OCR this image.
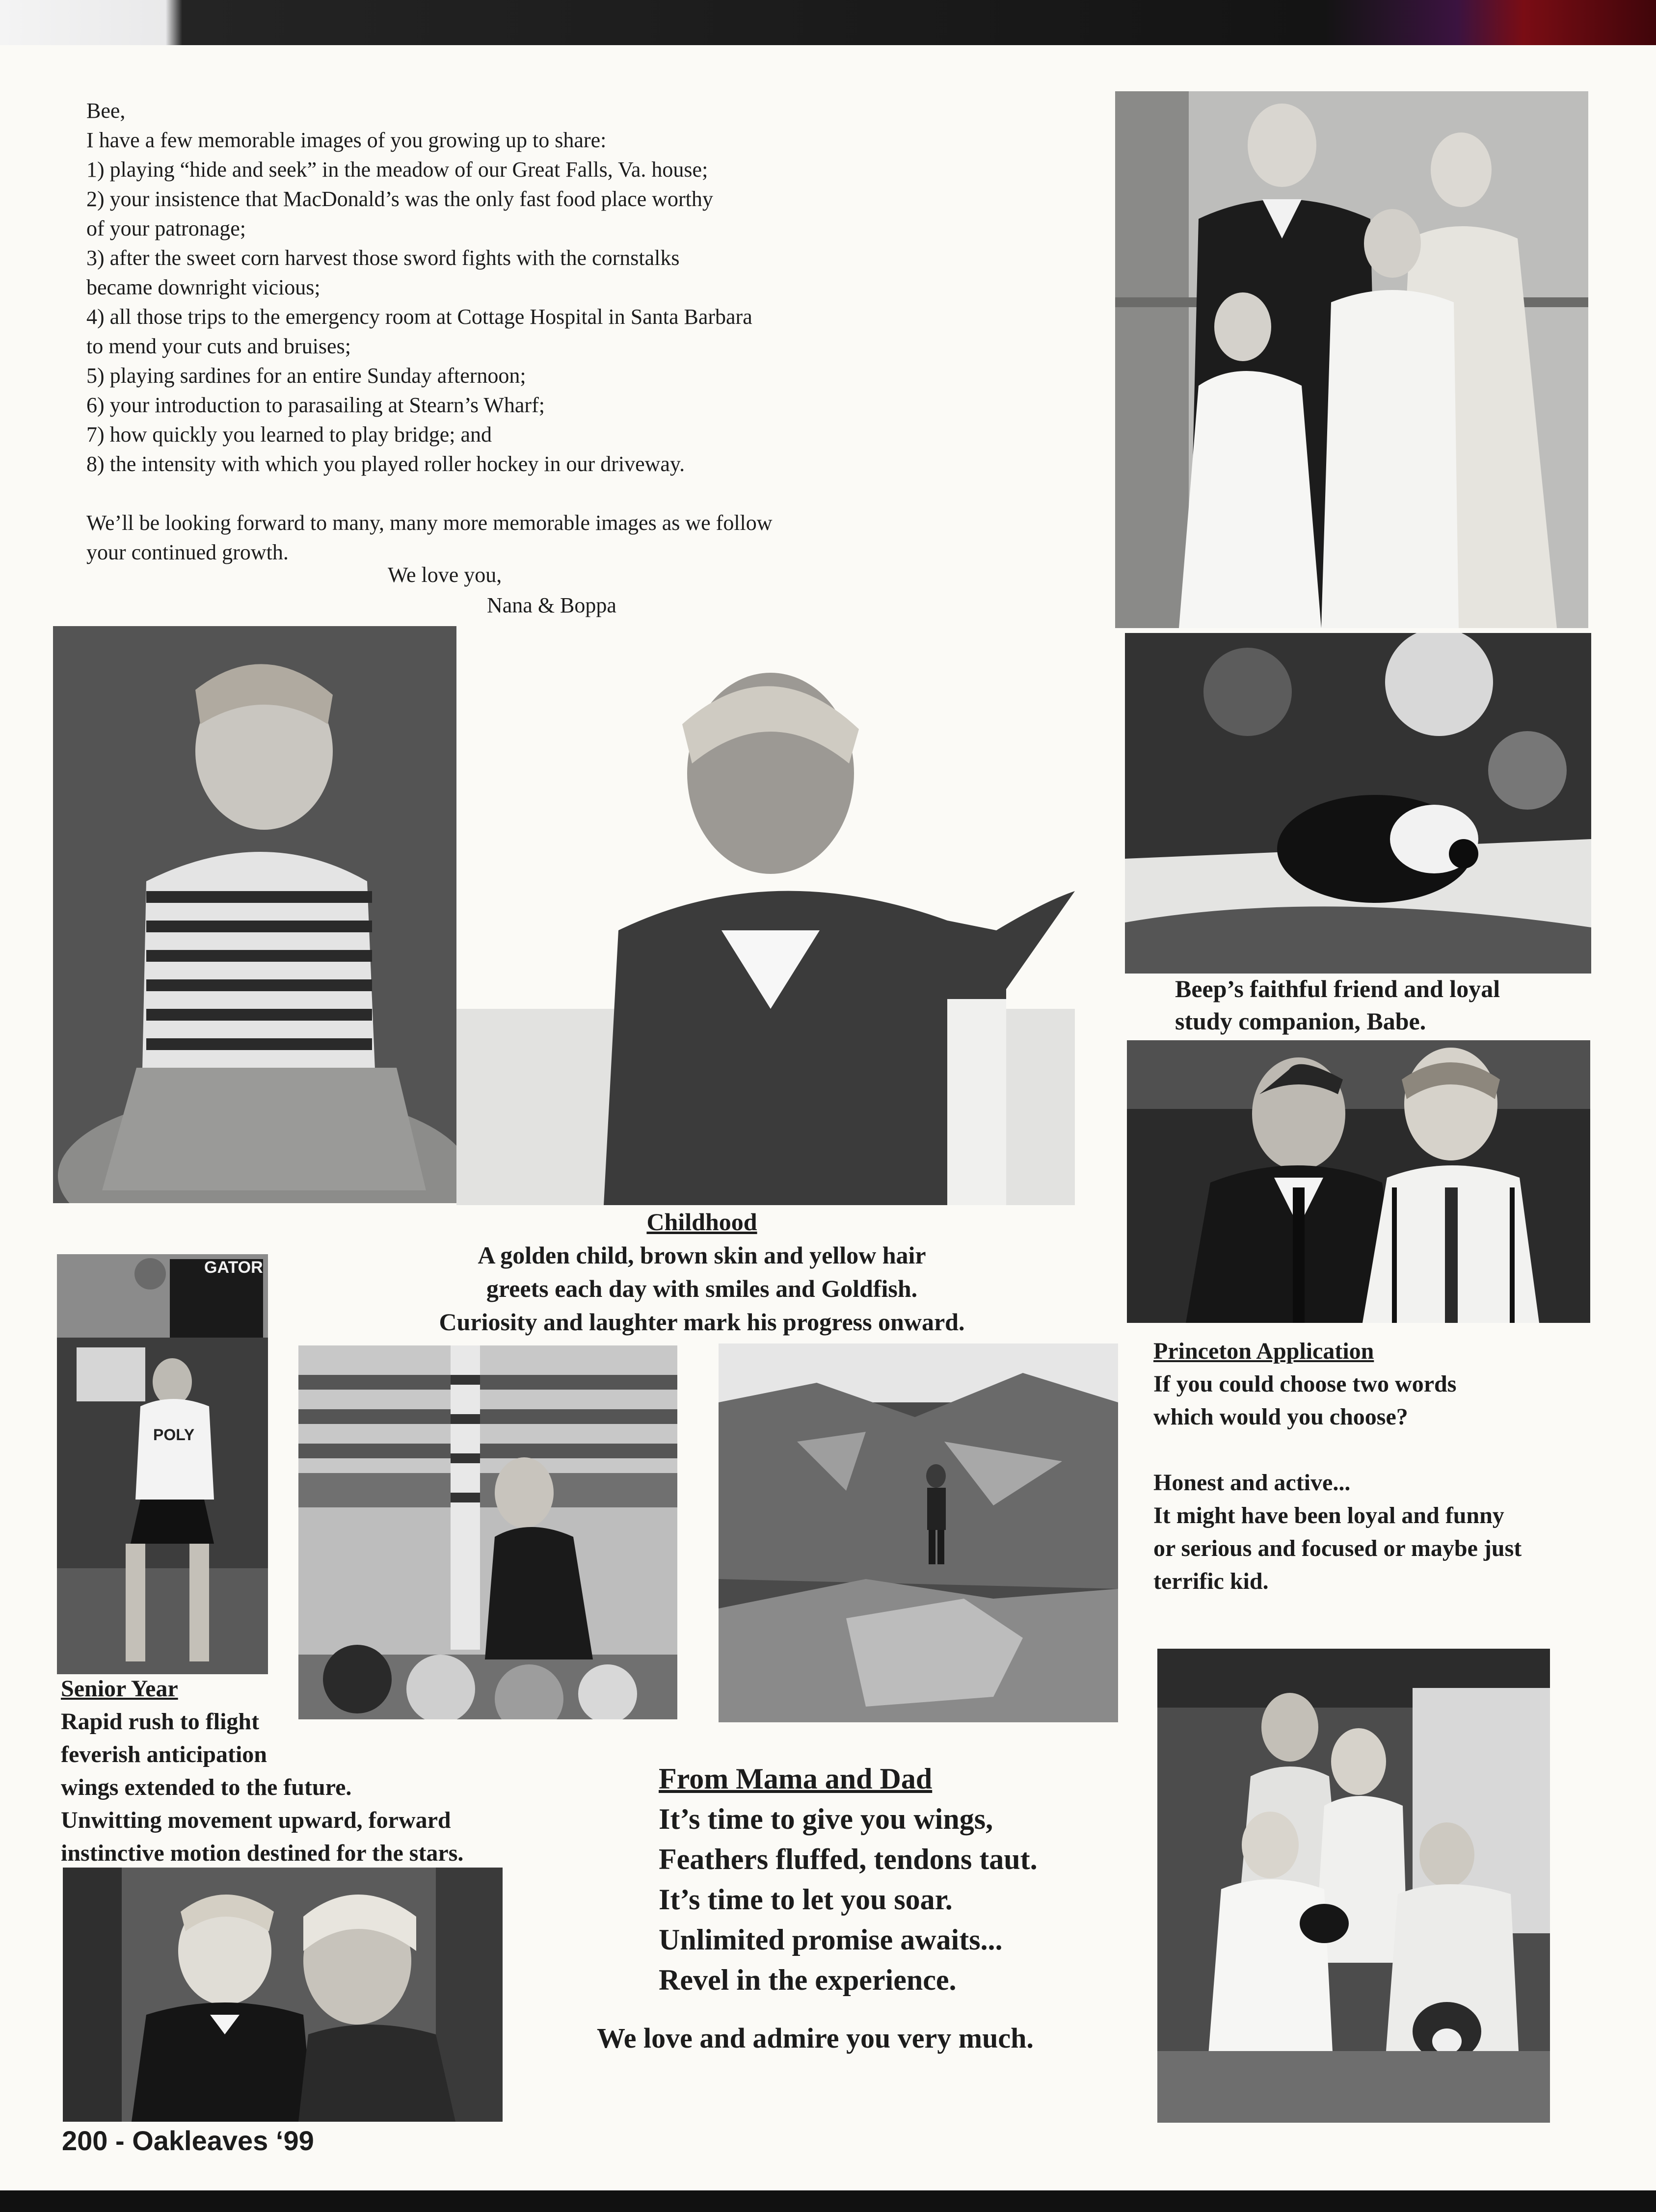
Bee,

I have a few memorable images of you growing up to share:

1) playing “hide and seek” in the meadow of our Great Falls, Va. house;

2) your insistence that MacDonald’s was the only fast food place worthy

of your patronage;

3) after the sweet corn harvest those sword fights with the cornstalks

became downright vicious;

4) all those trips to the emergency room at Cottage Hospital in Santa Barbara

to mend your cuts and bruises;

5) playing sardines for an entire Sunday afternoon;

6) your introduction to parasailing at Stearn’s Wharf;

7) how quickly you learned to play bridge; and

8) the intensity with which you played roller hockey in our driveway.

We’ll be looking forward to many, many more memorable images as we follow

your continued growth.

We love you,
Nana & Boppa

Beep’s faithful friend and loyal

study companion, Babe.

Princeton Application

If you could choose two words

which would you choose?

Honest and active...

It might have been loyal and funny

or serious and focused or maybe just

terrific kid.

Childhood

A golden child, brown skin and yellow hair

greets each day with smiles and Goldfish.

Curiosity and laughter mark his progress onward.

GATOR
POLY

Senior Year

Rapid rush to flight

feverish anticipation

wings extended to the future.

Unwitting movement upward, forward

instinctive motion destined for the stars.

From Mama and Dad

It’s time to give you wings,

Feathers fluffed, tendons taut.

It’s time to let you soar.

Unlimited promise awaits...

Revel in the experience.

We love and admire you very much.
200 - Oakleaves ‘99
